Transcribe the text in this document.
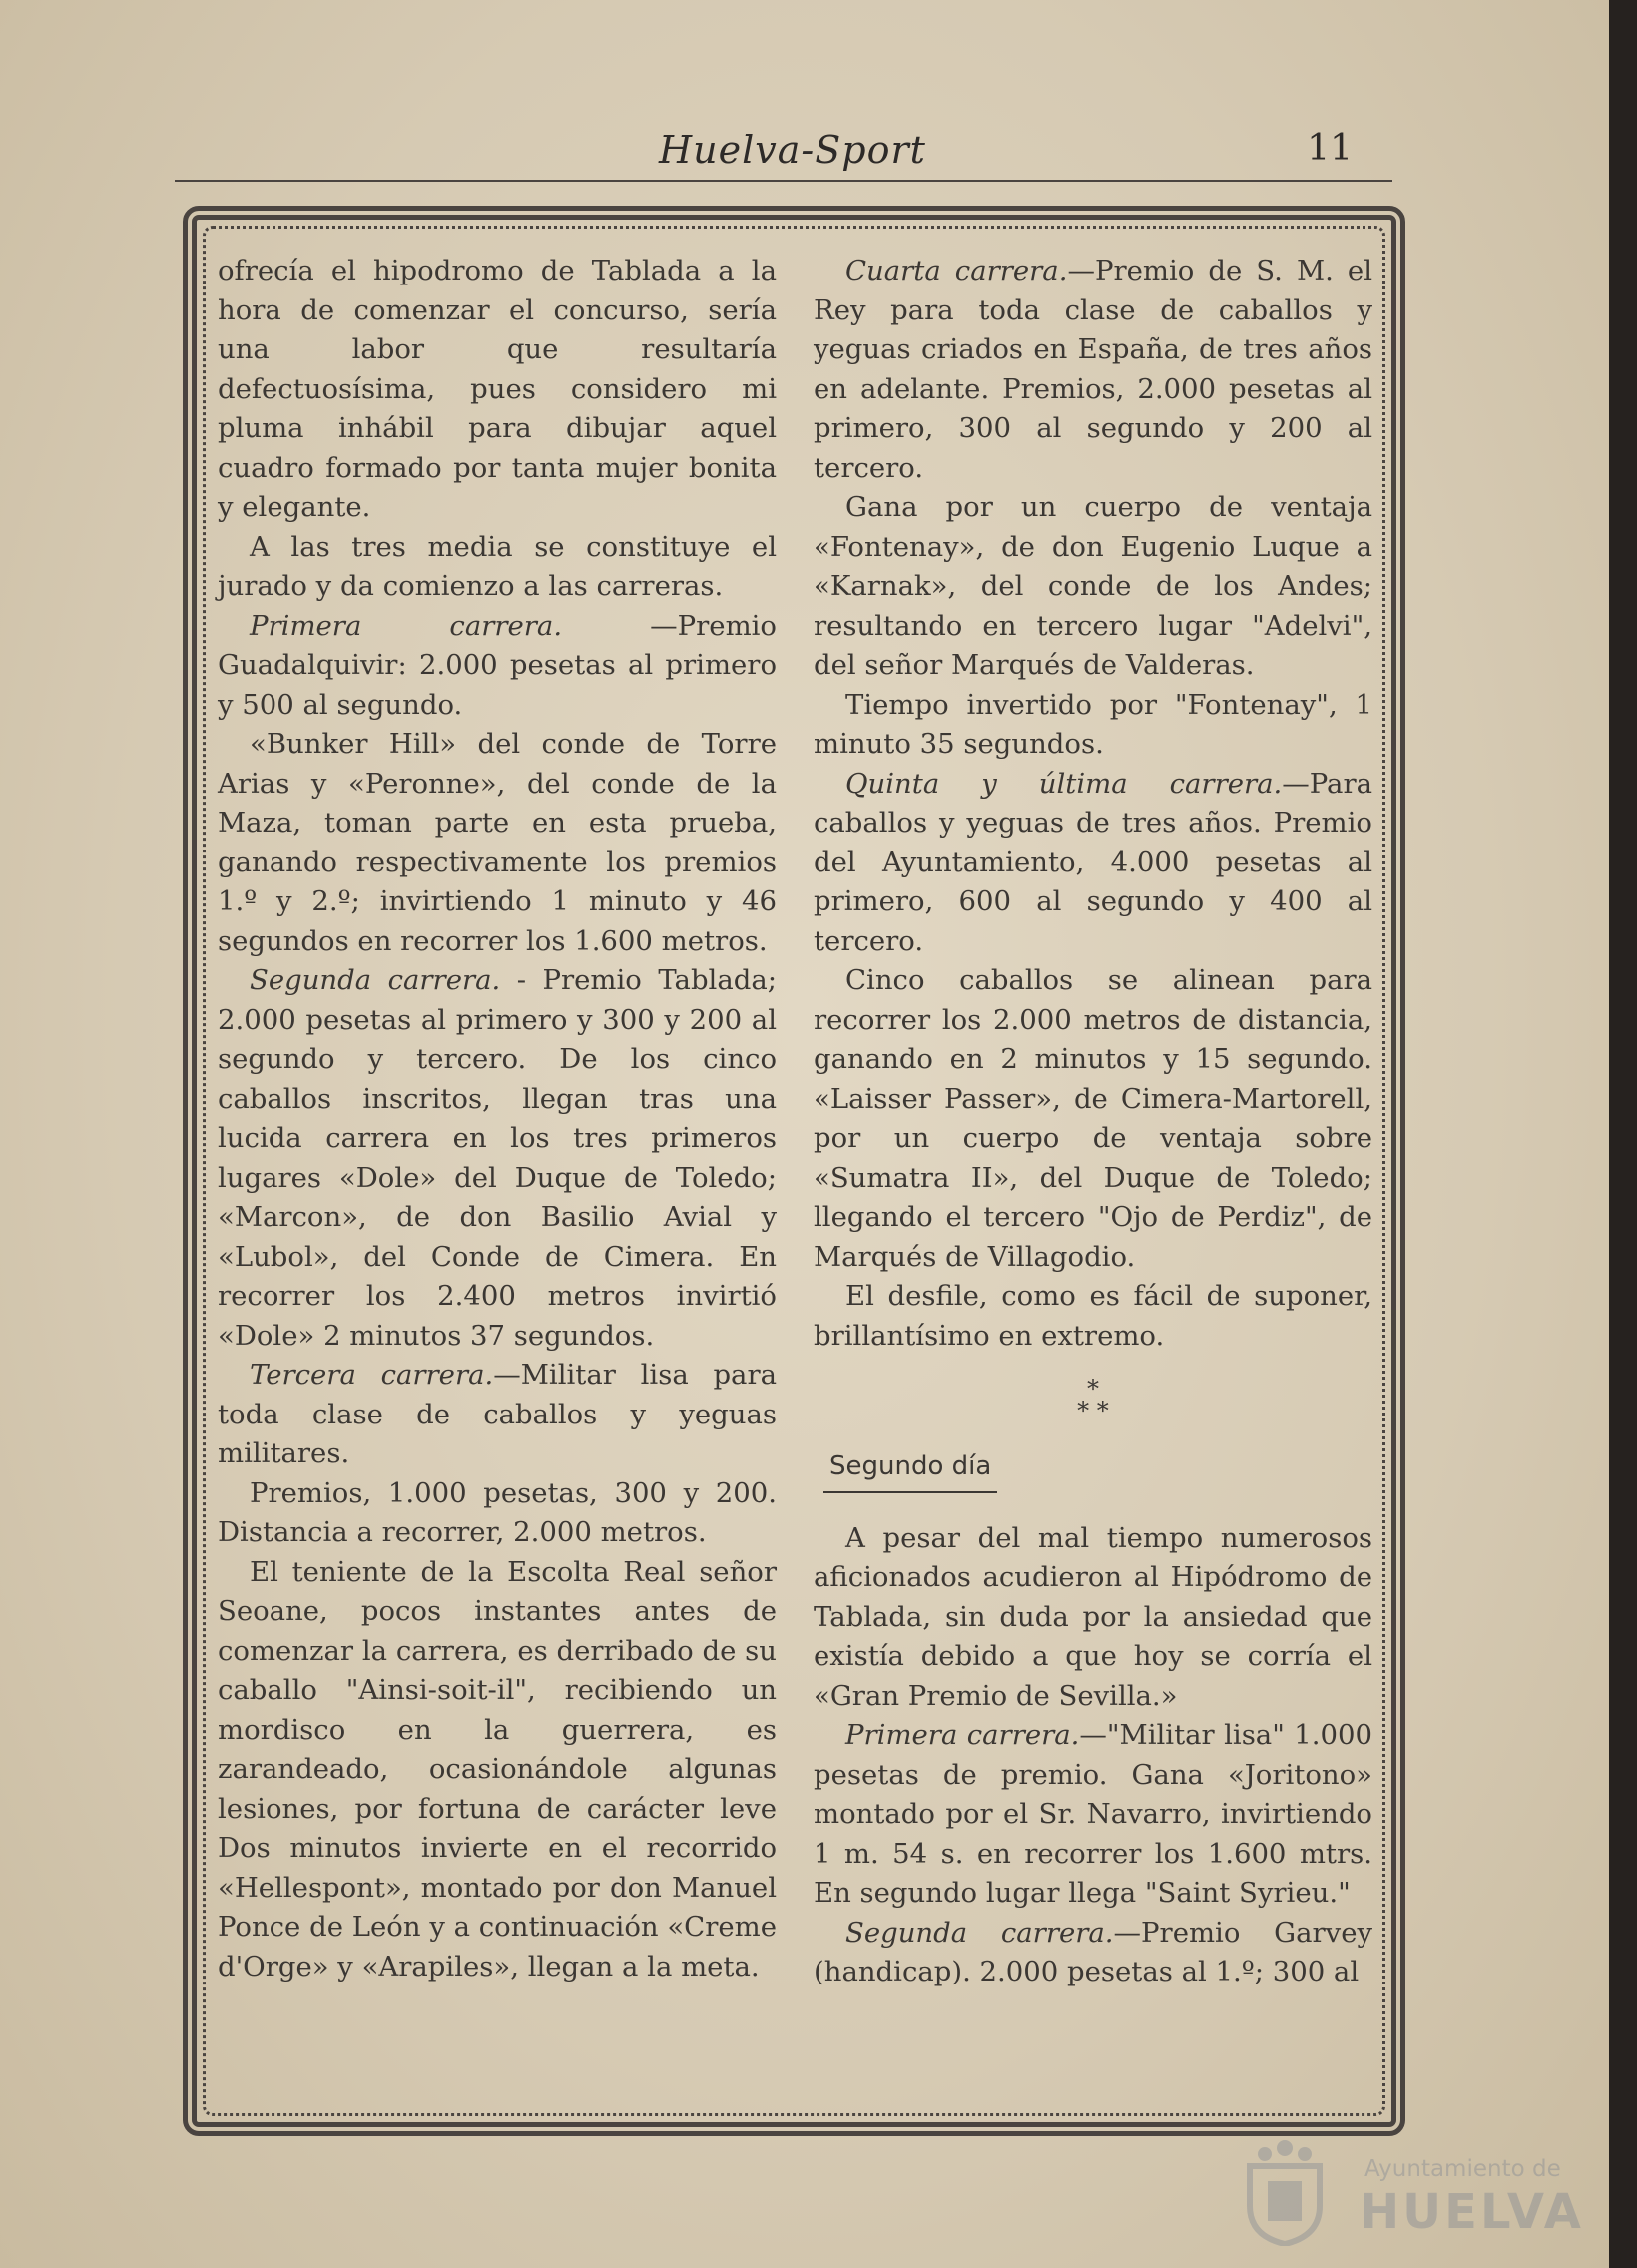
Huelva-Sport	11

ofrecía el hipodromo de Tablada a la hora de comenzar el concurso, sería una labor que resultaría defectuosísima, pues considero mi pluma inhábil para dibujar aquel cuadro formado por tanta mujer bonita y elegante.

A las tres media se constituye el jurado y da comienzo a las carreras.

Primera carrera. —Premio Guadalquivir: 2.000 pesetas al primero y 500 al segundo.

«Bunker Hill» del conde de Torre Arias y «Peronne», del conde de la Maza, toman parte en esta prueba, ganando respectivamente los premios 1.º y 2.º; invirtiendo 1 minuto y 46 segundos en recorrer los 1.600 metros.

Segunda carrera. - Premio Tablada; 2.000 pesetas al primero y 300 y 200 al segundo y tercero. De los cinco caballos inscritos, llegan tras una lucida carrera en los tres primeros lugares «Dole» del Duque de Toledo; «Marcon», de don Basilio Avial y «Lubol», del Conde de Cimera. En recorrer los 2.400 metros invirtió «Dole» 2 minutos 37 segundos.

Tercera carrera.—Militar lisa para toda clase de caballos y yeguas militares.

Premios, 1.000 pesetas, 300 y 200. Distancia a recorrer, 2.000 metros.

El teniente de la Escolta Real señor Seoane, pocos instantes antes de comenzar la carrera, es derribado de su caballo "Ainsi-soit-il", recibiendo un mordisco en la guerrera, es zarandeado, ocasionándole algunas lesiones, por fortuna de carácter leve Dos minutos invierte en el recorrido «Hellespont», montado por don Manuel Ponce de León y a continuación «Creme d'Orge» y «Arapiles», llegan a la meta.

Cuarta carrera.—Premio de S. M. el Rey para toda clase de caballos y yeguas criados en España, de tres años en adelante. Premios, 2.000 pesetas al primero, 300 al segundo y 200 al tercero.

Gana por un cuerpo de ventaja «Fontenay», de don Eugenio Luque a «Karnak», del conde de los Andes; resultando en tercero lugar "Adelvi", del señor Marqués de Valderas.

Tiempo invertido por "Fontenay", 1 minuto 35 segundos.

Quinta y última carrera.—Para caballos y yeguas de tres años. Premio del Ayuntamiento, 4.000 pesetas al primero, 600 al segundo y 400 al tercero.

Cinco caballos se alinean para recorrer los 2.000 metros de distancia, ganando en 2 minutos y 15 segundo. «Laisser Passer», de Cimera-Martorell, por un cuerpo de ventaja sobre «Sumatra II», del Duque de Toledo; llegando el tercero "Ojo de Perdiz", de Marqués de Villagodio.

El desfile, como es fácil de suponer, brillantísimo en extremo.

*
* *
Segundo día

A pesar del mal tiempo numerosos aficionados acudieron al Hipódromo de Tablada, sin duda por la ansiedad que existía debido a que hoy se corría el «Gran Premio de Sevilla.»

Primera carrera.—"Militar lisa" 1.000 pesetas de premio. Gana «Joritono» montado por el Sr. Navarro, invirtiendo 1 m. 54 s. en recorrer los 1.600 mtrs. En segundo lugar llega "Saint Syrieu."

Segunda carrera.—Premio Garvey (handicap). 2.000 pesetas al 1.º; 300 al

Ayuntamiento de
HUELVA
